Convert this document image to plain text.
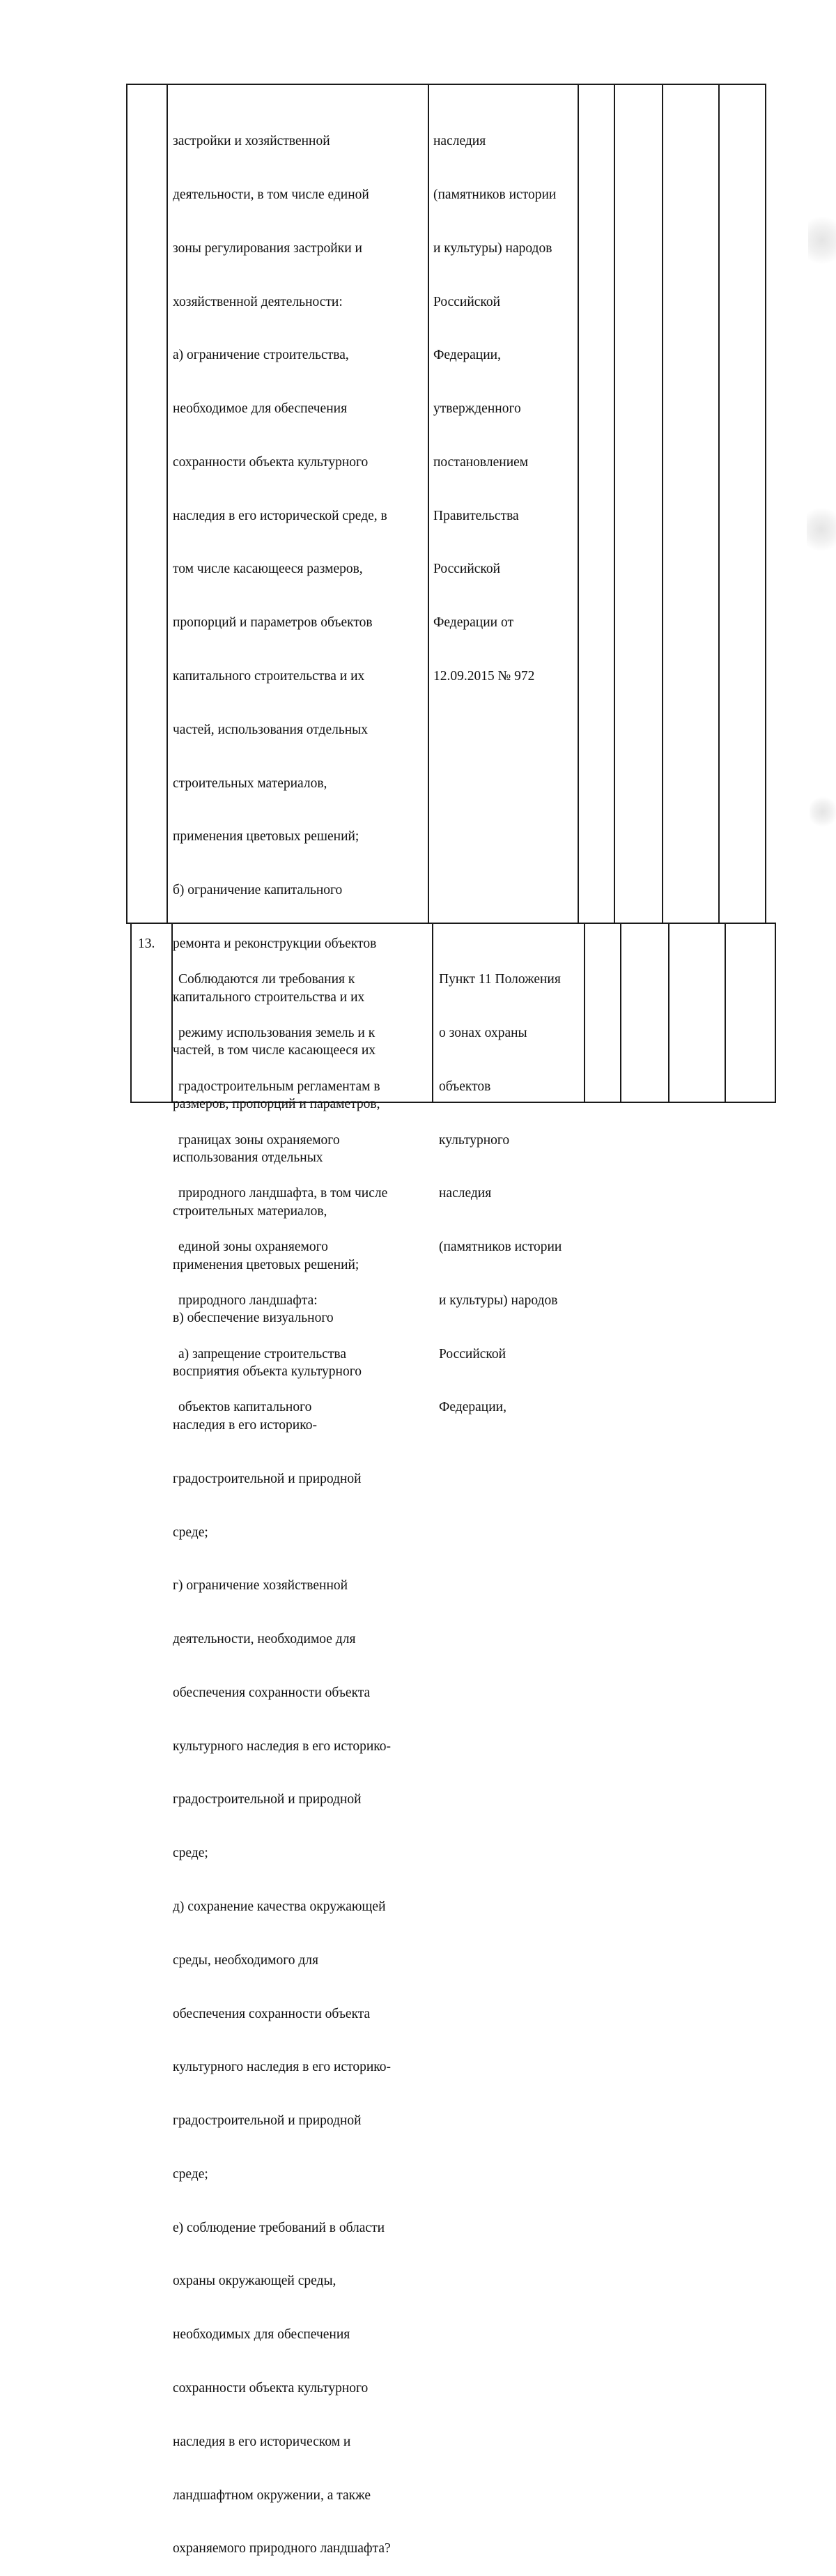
застройки и хозяйственной

деятельности, в том числе единой

зоны регулирования застройки и

хозяйственной деятельности:

а) ограничение строительства,

необходимое для обеспечения

сохранности объекта культурного

наследия в его исторической среде, в

том числе касающееся размеров,

пропорций и параметров объектов

капитального строительства и их

частей, использования отдельных

строительных материалов,

применения цветовых решений;

б) ограничение капитального

ремонта и реконструкции объектов

капитального строительства и их

частей, в том числе касающееся их

размеров, пропорций и параметров,

использования отдельных

строительных материалов,

применения цветовых решений;

в) обеспечение визуального

восприятия объекта культурного

наследия в его историко-

градостроительной и природной

среде;

г) ограничение хозяйственной

деятельности, необходимое для

обеспечения сохранности объекта

культурного наследия в его историко-

градостроительной и природной

среде;

д) сохранение качества окружающей

среды, необходимого для

обеспечения сохранности объекта

культурного наследия в его историко-

градостроительной и природной

среде;

е) соблюдение требований в области

охраны окружающей среды,

необходимых для обеспечения

сохранности объекта культурного

наследия в его историческом и

ландшафтном окружении, а также

охраняемого природного ландшафта?

наследия

(памятников истории

и культуры) народов

Российской

Федерации,

утвержденного

постановлением

Правительства

Российской

Федерации от

12.09.2015 № 972

13.

Соблюдаются ли требования к

режиму использования земель и к

градостроительным регламентам в

границах зоны охраняемого

природного ландшафта, в том числе

единой зоны охраняемого

природного ландшафта:

а) запрещение строительства

объектов капитального

Пункт 11 Положения

о зонах охраны

объектов

культурного

наследия

(памятников истории

и культуры) народов

Российской

Федерации,
